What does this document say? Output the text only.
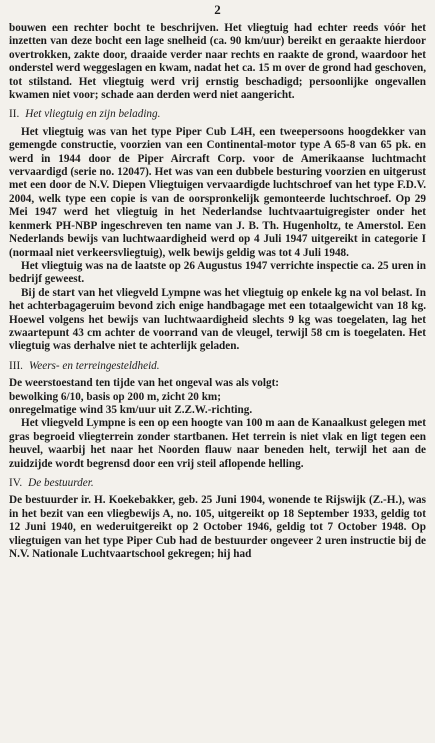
2

bouwen een rechter bocht te beschrijven. Het vliegtuig had echter reeds vóór het inzetten van deze bocht een lage snelheid (ca. 90 km/uur) bereikt en geraakte hierdoor overtrokken, zakte door, draaide verder naar rechts en raakte de grond, waardoor het onderstel werd weggeslagen en kwam, nadat het ca. 15 m over de grond had geschoven, tot stilstand. Het vliegtuig werd vrij ernstig beschadigd; persoonlijke ongevallen kwamen niet voor; schade aan derden werd niet aangericht.

II. Het vliegtuig en zijn belading.

Het vliegtuig was van het type Piper Cub L4H, een tweepersoons hoogdekker van gemengde constructie, voorzien van een Continental-motor type A 65-8 van 65 pk. en werd in 1944 door de Piper Aircraft Corp. voor de Amerikaanse luchtmacht vervaardigd (serie no. 12047). Het was van een dubbele besturing voorzien en uitgerust met een door de N.V. Diepen Vliegtuigen vervaardigde luchtschroef van het type F.D.V. 2004, welk type een copie is van de oorspronkelijk gemonteerde luchtschroef. Op 29 Mei 1947 werd het vliegtuig in het Nederlandse luchtvaartuigregister onder het kenmerk PH-NBP ingeschreven ten name van J. B. Th. Hugenholtz, te Amerstol. Een Nederlands bewijs van luchtwaardigheid werd op 4 Juli 1947 uitgereikt in categorie I (normaal niet verkeersvliegtuig), welk bewijs geldig was tot 4 Juli 1948.

Het vliegtuig was na de laatste op 26 Augustus 1947 verrichte inspectie ca. 25 uren in bedrijf geweest.

Bij de start van het vliegveld Lympne was het vliegtuig op enkele kg na vol belast. In het achterbagageruim bevond zich enige handbagage met een totaalgewicht van 18 kg. Hoewel volgens het bewijs van luchtwaardigheid slechts 9 kg was toegelaten, lag het zwaartepunt 43 cm achter de voorrand van de vleugel, terwijl 58 cm is toegelaten. Het vliegtuig was derhalve niet te achterlijk geladen.

III. Weers- en terreingesteldheid.

De weerstoestand ten tijde van het ongeval was als volgt:

bewolking 6/10, basis op 200 m, zicht 20 km;

onregelmatige wind 35 km/uur uit Z.Z.W.-richting.

Het vliegveld Lympne is een op een hoogte van 100 m aan de Kanaalkust gelegen met gras begroeid vliegterrein zonder startbanen. Het terrein is niet vlak en ligt tegen een heuvel, waarbij het naar het Noorden flauw naar beneden helt, terwijl het aan de zuidzijde wordt begrensd door een vrij steil aflopende helling.

IV. De bestuurder.

De bestuurder ir. H. Koekebakker, geb. 25 Juni 1904, wonende te Rijswijk (Z.-H.), was in het bezit van een vliegbewijs A, no. 105, uitgereikt op 18 September 1933, geldig tot 12 Juni 1940, en wederuitgereikt op 2 October 1946, geldig tot 7 October 1948. Op vliegtuigen van het type Piper Cub had de bestuurder ongeveer 2 uren instructie bij de N.V. Nationale Luchtvaartschool gekregen; hij had
